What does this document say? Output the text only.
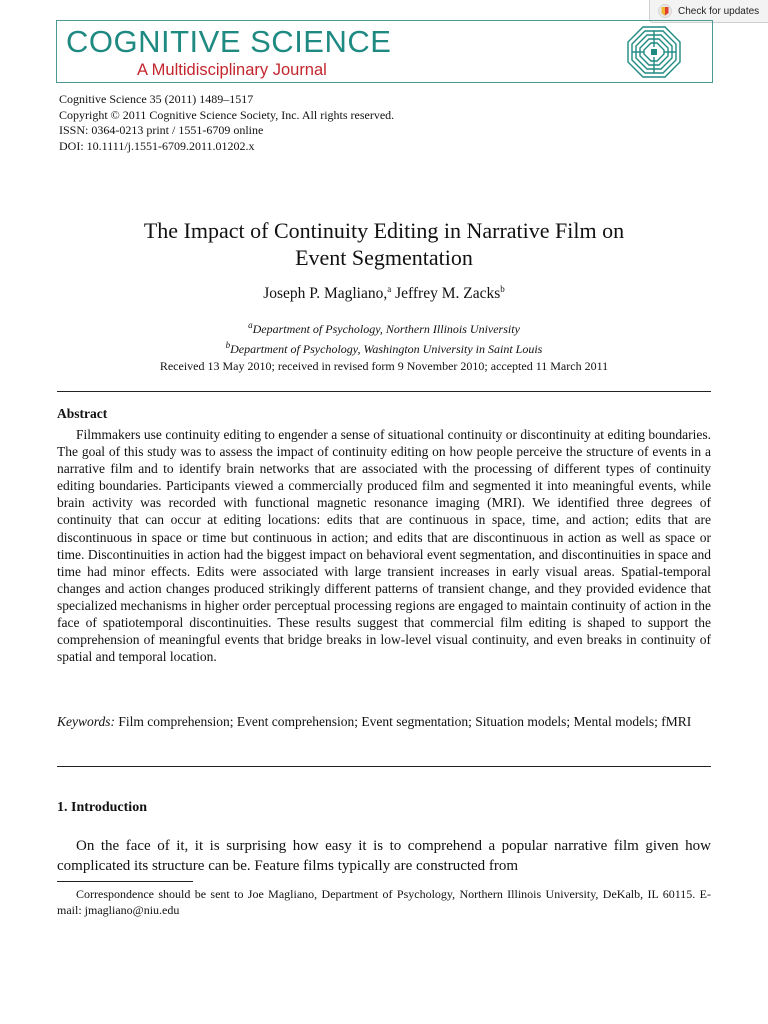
Check for updates
COGNITIVE SCIENCE
A Multidisciplinary Journal
Cognitive Science 35 (2011) 1489–1517
Copyright © 2011 Cognitive Science Society, Inc. All rights reserved.
ISSN: 0364-0213 print / 1551-6709 online
DOI: 10.1111/j.1551-6709.2011.01202.x
The Impact of Continuity Editing in Narrative Film on
Event Segmentation
Joseph P. Magliano,$^a$ Jeffrey M. Zacks$^b$
$^a$Department of Psychology, Northern Illinois University
$^b$Department of Psychology, Washington University in Saint Louis
Received 13 May 2010; received in revised form 9 November 2010; accepted 11 March 2011
Abstract

Filmmakers use continuity editing to engender a sense of situational continuity or discontinuity at editing boundaries. The goal of this study was to assess the impact of continuity editing on how people perceive the structure of events in a narrative film and to identify brain networks that are associated with the processing of different types of continuity editing boundaries. Participants viewed a commercially produced film and segmented it into meaningful events, while brain activity was recorded with functional magnetic resonance imaging (MRI). We identified three degrees of continuity that can occur at editing locations: edits that are continuous in space, time, and action; edits that are discontinuous in space or time but continuous in action; and edits that are discontinuous in action as well as space or time. Discontinuities in action had the biggest impact on behavioral event segmentation, and discontinuities in space and time had minor effects. Edits were associated with large transient increases in early visual areas. Spatial-temporal changes and action changes produced strikingly different patterns of transient change, and they provided evidence that specialized mechanisms in higher order perceptual processing regions are engaged to maintain continuity of action in the face of spatiotemporal discontinuities. These results suggest that commercial film editing is shaped to support the comprehension of meaningful events that bridge breaks in low-level visual continuity, and even breaks in continuity of spatial and temporal location.

Keywords: Film comprehension; Event comprehension; Event segmentation; Situation models; Mental models; fMRI

1. Introduction

On the face of it, it is surprising how easy it is to comprehend a popular narrative film given how complicated its structure can be. Feature films typically are constructed from

Correspondence should be sent to Joe Magliano, Department of Psychology, Northern Illinois University, DeKalb, IL 60115. E-mail: jmagliano@niu.edu
